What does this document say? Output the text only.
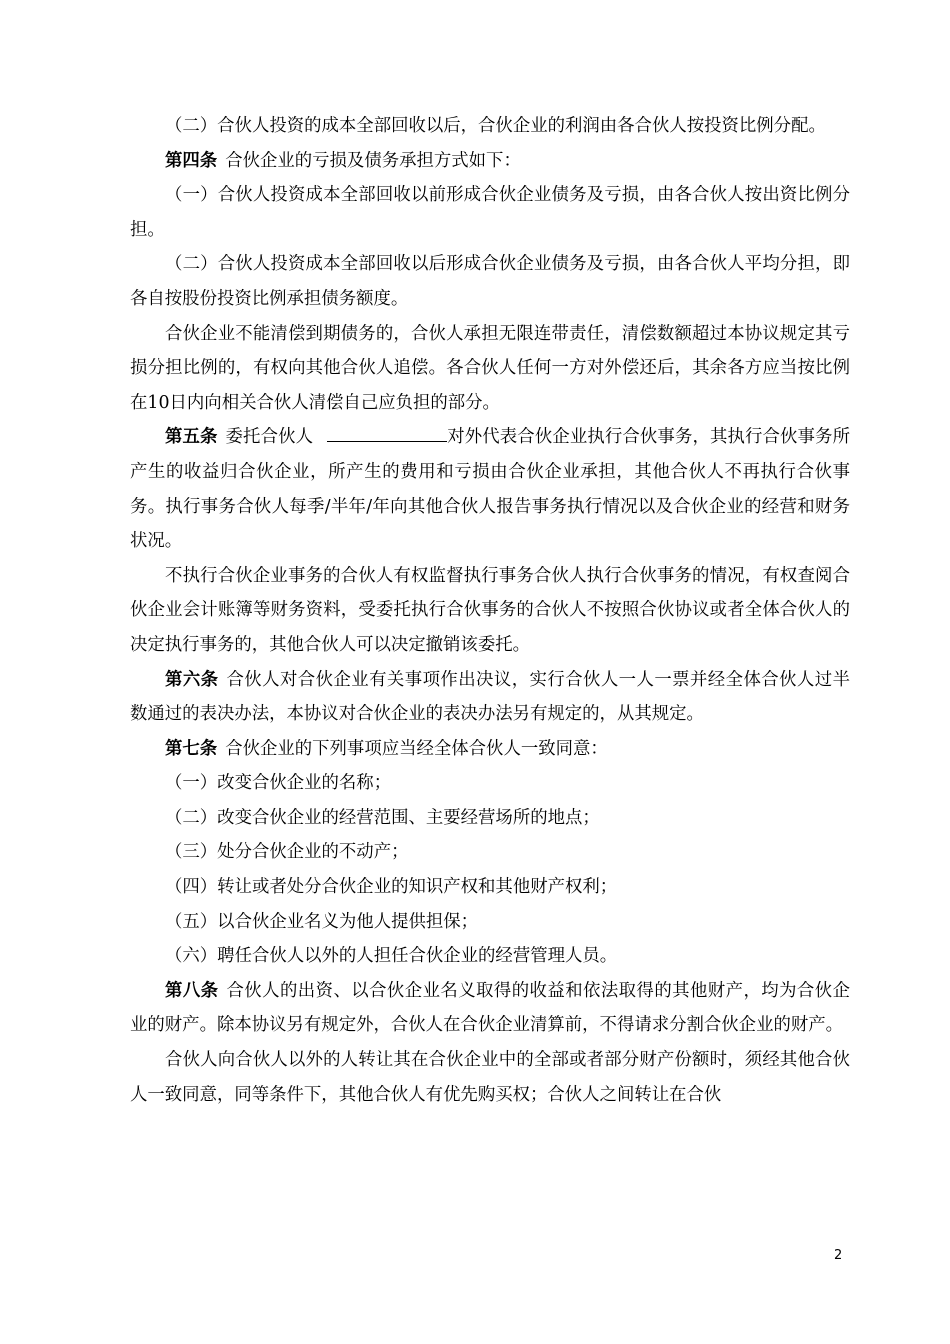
（二）合伙人投资的成本全部回收以后，合伙企业的利润由各合伙人按投资比例分配。

第四条 合伙企业的亏损及债务承担方式如下：

（一）合伙人投资成本全部回收以前形成合伙企业债务及亏损，由各合伙人按出资比例分担。

（二）合伙人投资成本全部回收以后形成合伙企业债务及亏损，由各合伙人平均分担，即各自按股份投资比例承担债务额度。

合伙企业不能清偿到期债务的，合伙人承担无限连带责任，清偿数额超过本协议规定其亏损分担比例的，有权向其他合伙人追偿。各合伙人任何一方对外偿还后，其余各方应当按比例在10日内向相关合伙人清偿自己应负担的部分。

第五条 委托合伙人	对外代表合伙企业执行合伙事务，其执行合伙事务所产生的收益归合伙企业，所产生的费用和亏损由合伙企业承担，其他合伙人不再执行合伙事务。执行事务合伙人每季/半年/年向其他合伙人报告事务执行情况以及合伙企业的经营和财务状况。

不执行合伙企业事务的合伙人有权监督执行事务合伙人执行合伙事务的情况，有权查阅合伙企业会计账簿等财务资料，受委托执行合伙事务的合伙人不按照合伙协议或者全体合伙人的决定执行事务的，其他合伙人可以决定撤销该委托。

第六条 合伙人对合伙企业有关事项作出决议，实行合伙人一人一票并经全体合伙人过半数通过的表决办法，本协议对合伙企业的表决办法另有规定的，从其规定。

第七条 合伙企业的下列事项应当经全体合伙人一致同意：

（一）改变合伙企业的名称；

（二）改变合伙企业的经营范围、主要经营场所的地点；

（三）处分合伙企业的不动产；

（四）转让或者处分合伙企业的知识产权和其他财产权利；

（五）以合伙企业名义为他人提供担保；

（六）聘任合伙人以外的人担任合伙企业的经营管理人员。

第八条 合伙人的出资、以合伙企业名义取得的收益和依法取得的其他财产，均为合伙企业的财产。除本协议另有规定外，合伙人在合伙企业清算前，不得请求分割合伙企业的财产。

合伙人向合伙人以外的人转让其在合伙企业中的全部或者部分财产份额时，须经其他合伙人一致同意，同等条件下，其他合伙人有优先购买权；合伙人之间转让在合伙

2
